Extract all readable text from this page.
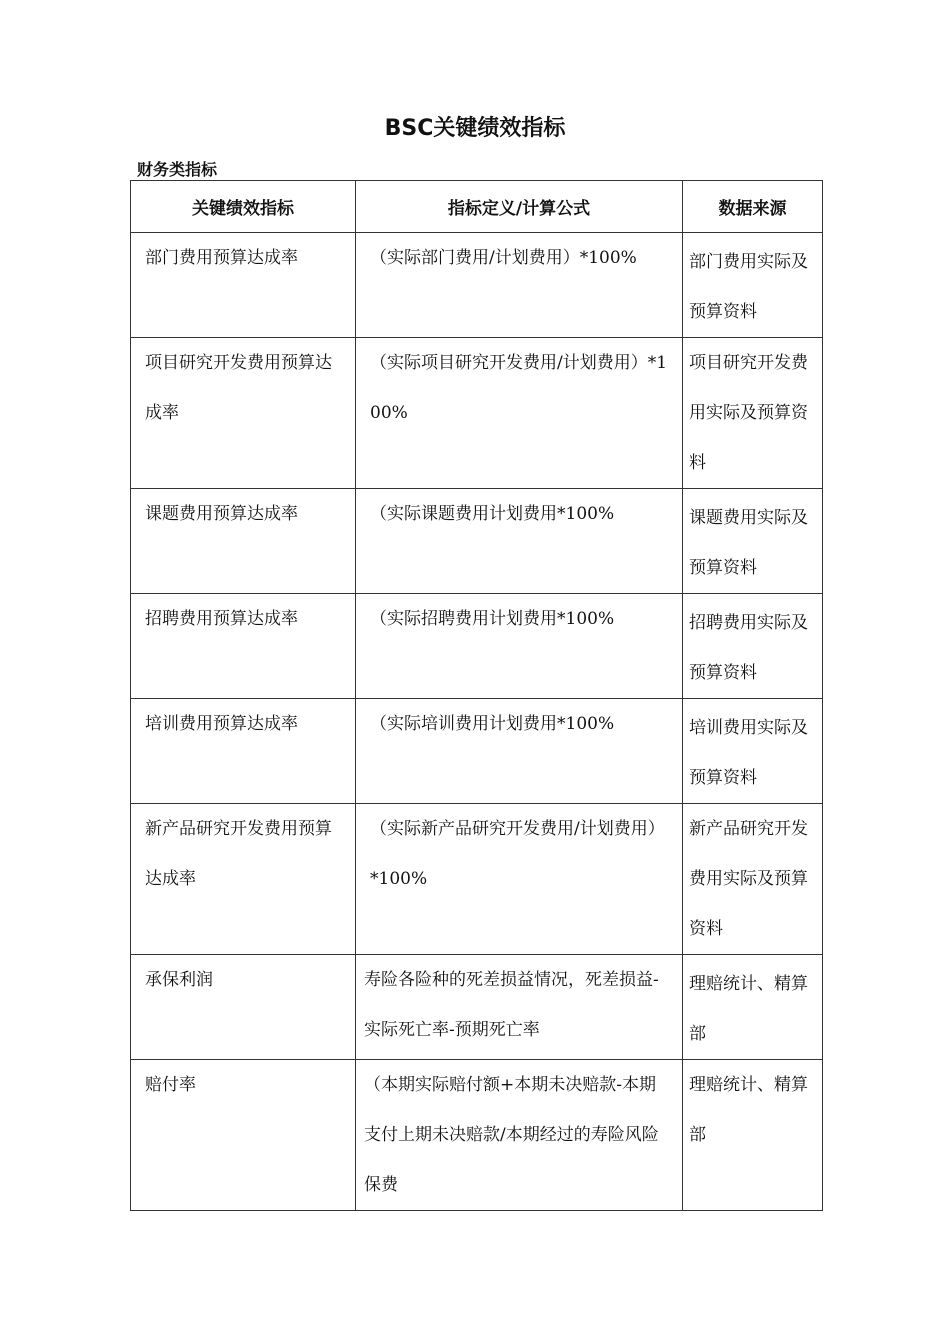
BSC关键绩效指标
财务类指标
关键绩效指标	指标定义/计算公式	数据来源
部门费用预算达成率	（实际部门费用/计划费用）*100%	部门费用实际及预算资料
项目研究开发费用预算达成率	（实际项目研究开发费用/计划费用）*100%	项目研究开发费用实际及预算资料
课题费用预算达成率	（实际课题费用计划费用*100%	课题费用实际及预算资料
招聘费用预算达成率	（实际招聘费用计划费用*100%	招聘费用实际及预算资料
培训费用预算达成率	（实际培训费用计划费用*100%	培训费用实际及预算资料
新产品研究开发费用预算达成率	（实际新产品研究开发费用/计划费用）*100%	新产品研究开发费用实际及预算资料
承保利润	寿险各险种的死差损益情况，死差损益-实际死亡率-预期死亡率	理赔统计、精算部
赔付率	（本期实际赔付额+本期未决赔款-本期支付上期未决赔款/本期经过的寿险风险保费	理赔统计、精算部
